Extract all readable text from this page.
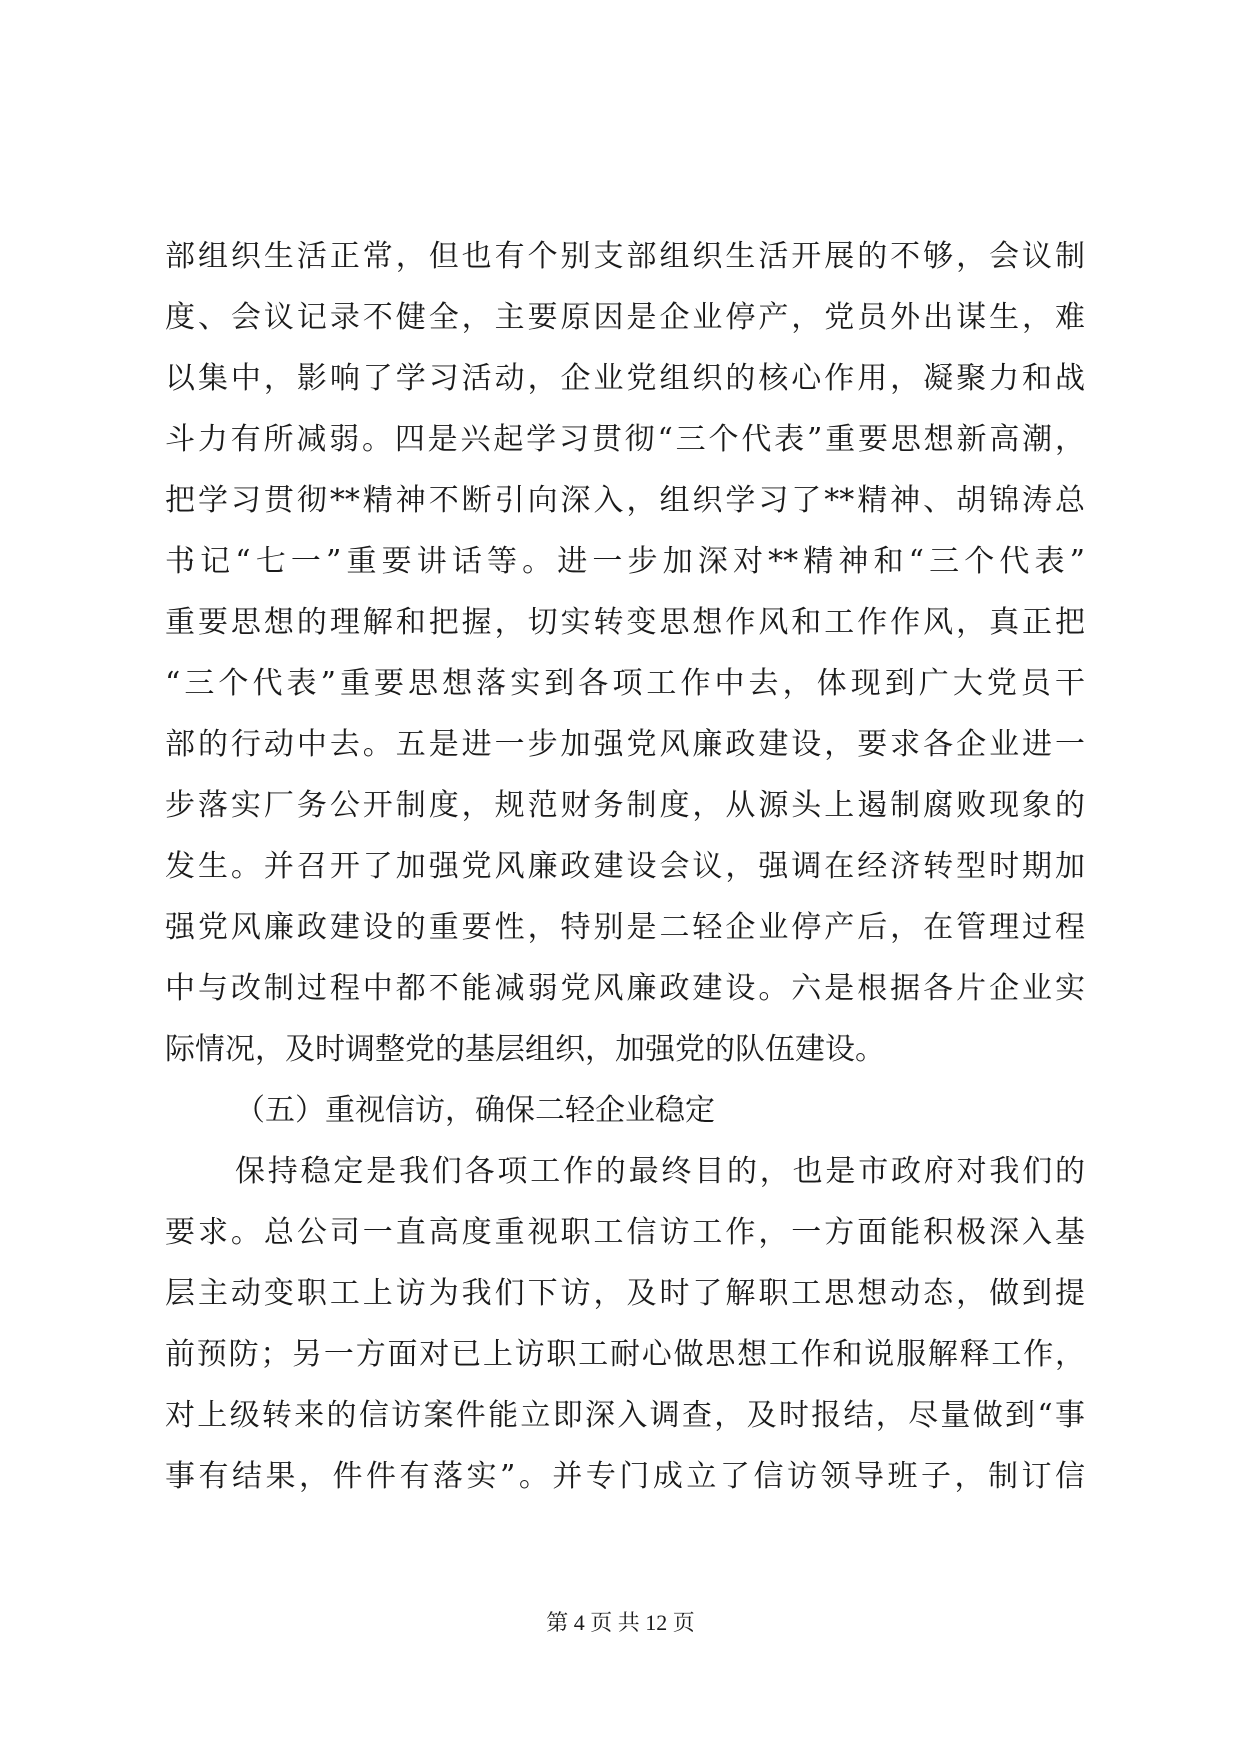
部组织生活正常，但也有个别支部组织生活开展的不够，会议制
度、会议记录不健全，主要原因是企业停产，党员外出谋生，难
以集中，影响了学习活动，企业党组织的核心作用，凝聚力和战
斗力有所减弱。四是兴起学习贯彻“三个代表”重要思想新高潮，
把学习贯彻**精神不断引向深入，组织学习了**精神、胡锦涛总
书记“七一”重要讲话等。进一步加深对**精神和“三个代表”
重要思想的理解和把握，切实转变思想作风和工作作风，真正把
“三个代表”重要思想落实到各项工作中去，体现到广大党员干
部的行动中去。五是进一步加强党风廉政建设，要求各企业进一
步落实厂务公开制度，规范财务制度，从源头上遏制腐败现象的
发生。并召开了加强党风廉政建设会议，强调在经济转型时期加
强党风廉政建设的重要性，特别是二轻企业停产后，在管理过程
中与改制过程中都不能减弱党风廉政建设。六是根据各片企业实
际情况，及时调整党的基层组织，加强党的队伍建设。
（五）重视信访，确保二轻企业稳定
保持稳定是我们各项工作的最终目的，也是市政府对我们的
要求。总公司一直高度重视职工信访工作，一方面能积极深入基
层主动变职工上访为我们下访，及时了解职工思想动态，做到提
前预防；另一方面对已上访职工耐心做思想工作和说服解释工作，
对上级转来的信访案件能立即深入调查，及时报结，尽量做到“事
事有结果，件件有落实”。并专门成立了信访领导班子，制订信
第 4 页 共 12 页
